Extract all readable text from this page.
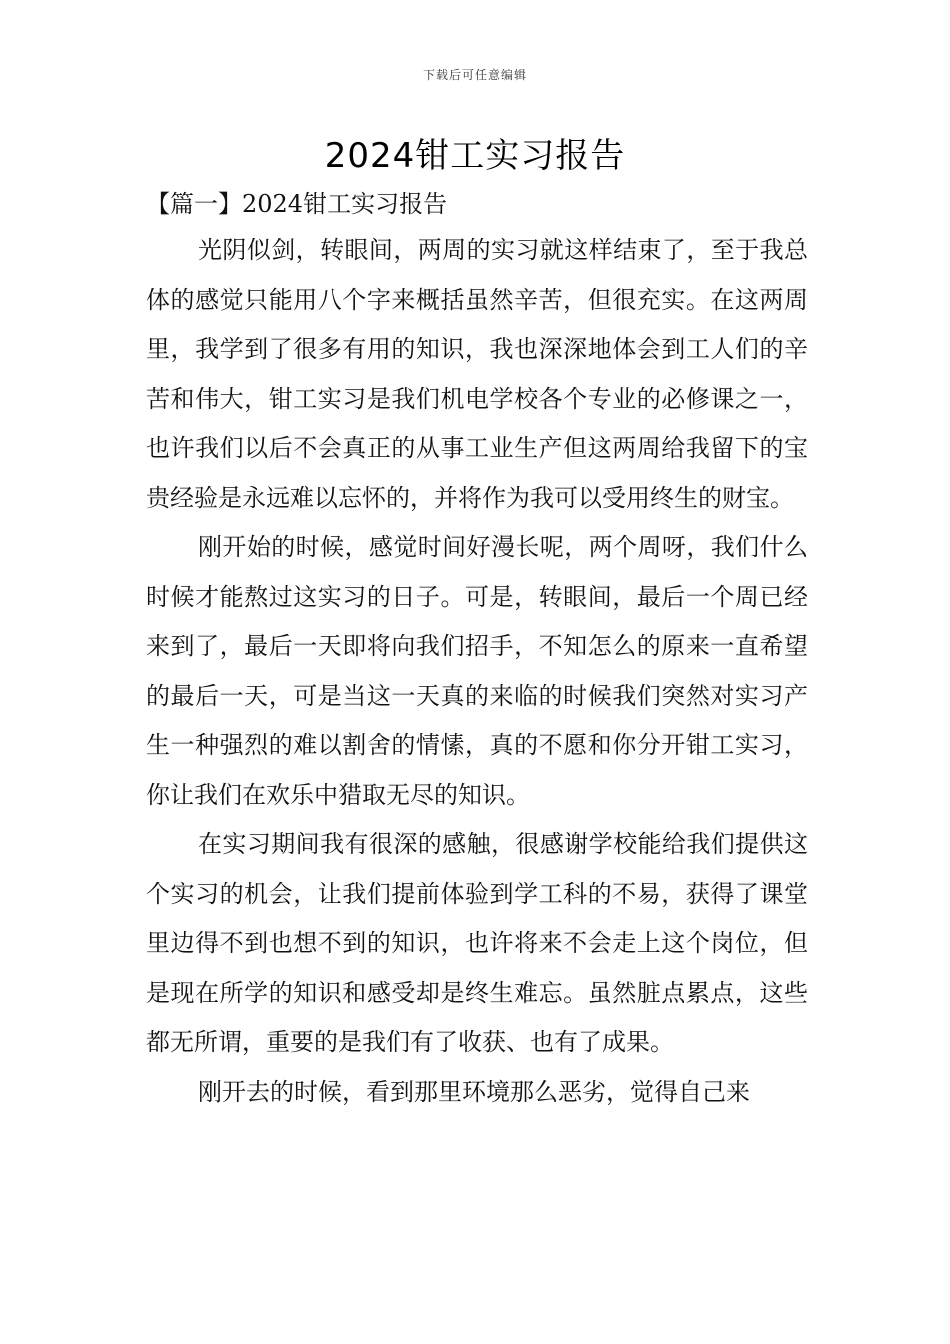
下载后可任意编辑
2024钳工实习报告
【篇一】2024钳工实习报告

光阴似剑，转眼间，两周的实习就这样结束了，至于我总体的感觉只能用八个字来概括虽然辛苦，但很充实。在这两周里，我学到了很多有用的知识，我也深深地体会到工人们的辛苦和伟大，钳工实习是我们机电学校各个专业的必修课之一，也许我们以后不会真正的从事工业生产但这两周给我留下的宝贵经验是永远难以忘怀的，并将作为我可以受用终生的财宝。

刚开始的时候，感觉时间好漫长呢，两个周呀，我们什么时候才能熬过这实习的日子。可是，转眼间，最后一个周已经来到了，最后一天即将向我们招手，不知怎么的原来一直希望的最后一天，可是当这一天真的来临的时候我们突然对实习产生一种强烈的难以割舍的情愫，真的不愿和你分开钳工实习，你让我们在欢乐中猎取无尽的知识。

在实习期间我有很深的感触，很感谢学校能给我们提供这个实习的机会，让我们提前体验到学工科的不易，获得了课堂里边得不到也想不到的知识，也许将来不会走上这个岗位，但是现在所学的知识和感受却是终生难忘。虽然脏点累点，这些都无所谓，重要的是我们有了收获、也有了成果。

刚开去的时候，看到那里环境那么恶劣，觉得自己来
